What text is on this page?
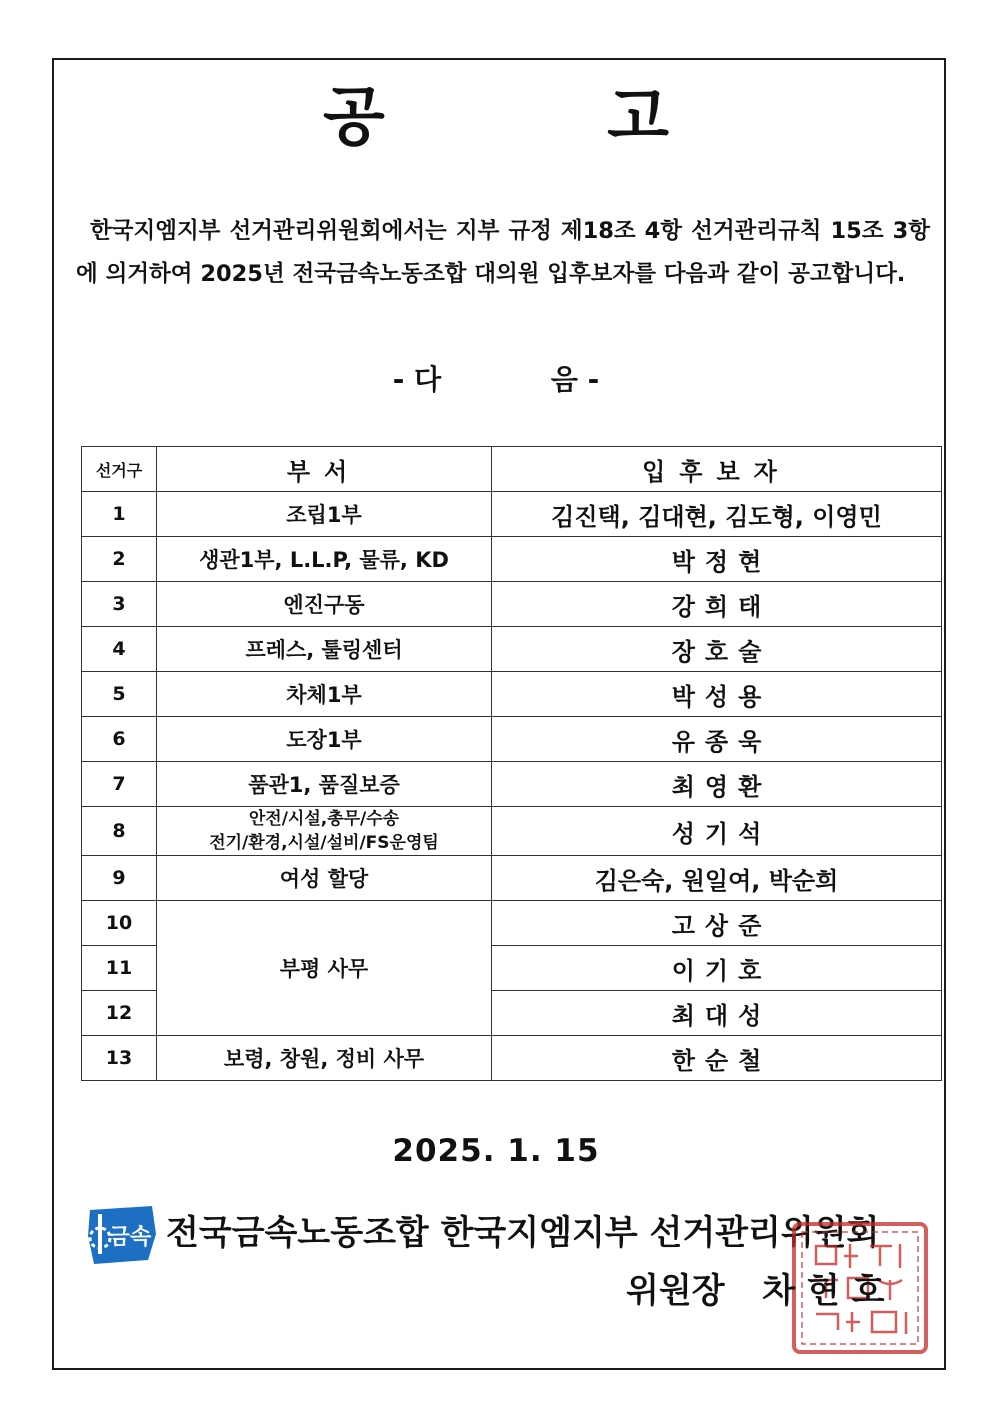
공 고
한국지엠지부 선거관리위원회에서는 지부 규정 제18조 4항 선거관리규칙 15조 3항에 의거하여 2025년 전국금속노동조합 대의원 입후보자를 다음과 같이 공고합니다.
- 다	음 -
선거구	부서	입후보자
1	조립1부	김진택, 김대현, 김도형, 이영민
2	생관1부, L.L.P, 물류, KD	박정현
3	엔진구동	강희태
4	프레스, 툴링센터	장호술
5	차체1부	박성용
6	도장1부	유종욱
7	품관1, 품질보증	최영환
8	안전/시설,총무/수송
전기/환경,시설/설비/FS운영팀	성기석
9	여성 할당	김은숙, 원일여, 박순희
10	부평 사무	고상준
11		이기호
12		최대성
13	보령, 창원, 정비 사무	한순철
2025. 1. 15
금속 전국금속노동조합 한국지엠지부 선거관리위원회
위원장 차 현 호
